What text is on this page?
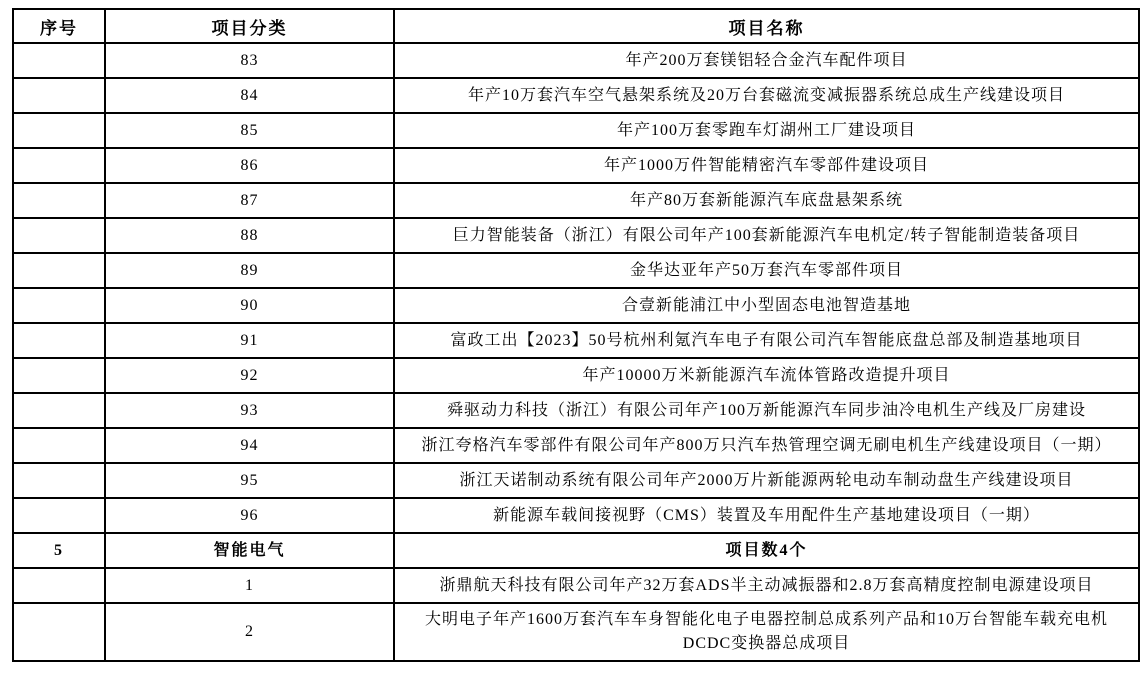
序号	项目分类	项目名称
	83	年产200万套镁铝轻合金汽车配件项目
	84	年产10万套汽车空气悬架系统及20万台套磁流变减振器系统总成生产线建设项目
	85	年产100万套零跑车灯湖州工厂建设项目
	86	年产1000万件智能精密汽车零部件建设项目
	87	年产80万套新能源汽车底盘悬架系统
	88	巨力智能装备（浙江）有限公司年产100套新能源汽车电机定/转子智能制造装备项目
	89	金华达亚年产50万套汽车零部件项目
	90	合壹新能浦江中小型固态电池智造基地
	91	富政工出【2023】50号杭州利氪汽车电子有限公司汽车智能底盘总部及制造基地项目
	92	年产10000万米新能源汽车流体管路改造提升项目
	93	舜驱动力科技（浙江）有限公司年产100万新能源汽车同步油冷电机生产线及厂房建设
	94	浙江夸格汽车零部件有限公司年产800万只汽车热管理空调无刷电机生产线建设项目（一期）
	95	浙江天诺制动系统有限公司年产2000万片新能源两轮电动车制动盘生产线建设项目
	96	新能源车载间接视野（CMS）装置及车用配件生产基地建设项目（一期）
5	智能电气	项目数4个
	1	浙鼎航天科技有限公司年产32万套ADS半主动减振器和2.8万套高精度控制电源建设项目
	2	大明电子年产1600万套汽车车身智能化电子电器控制总成系列产品和10万台智能车载充电机DCDC变换器总成项目
